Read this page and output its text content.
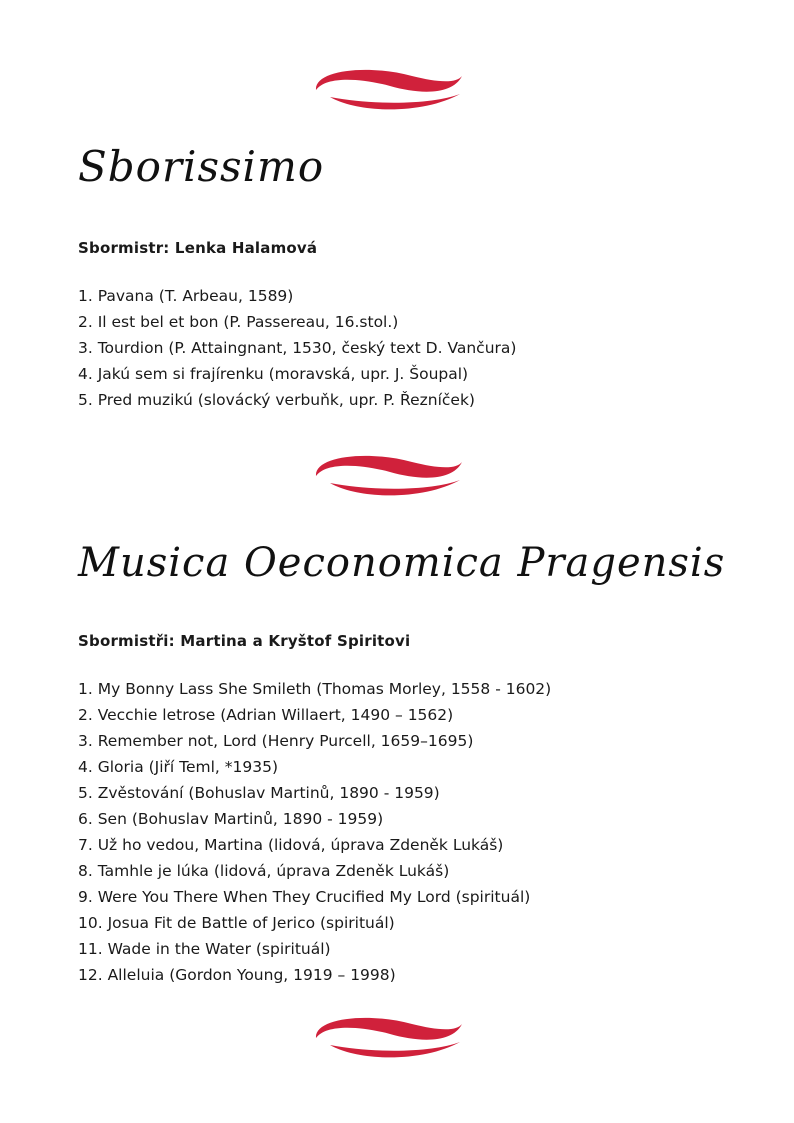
Sborissimo

Sbormistr: Lenka Halamová

1. Pavana (T. Arbeau, 1589)
2. Il est bel et bon (P. Passereau, 16.stol.)
3. Tourdion (P. Attaingnant, 1530, český text D. Vančura)
4. Jakú sem si frajírenku (moravská, upr. J. Šoupal)
5. Pred muzikú (slovácký verbuňk, upr. P. Řezníček)
Musica Oeconomica Pragensis

Sbormistři: Martina a Kryštof Spiritovi

1. My Bonny Lass She Smileth (Thomas Morley, 1558 - 1602)
2. Vecchie letrose (Adrian Willaert, 1490 – 1562)
3. Remember not, Lord (Henry Purcell, 1659–1695)
4. Gloria (Jiří Teml, *1935)
5. Zvěstování (Bohuslav Martinů, 1890 - 1959)
6. Sen (Bohuslav Martinů, 1890 - 1959)
7. Už ho vedou, Martina (lidová, úprava Zdeněk Lukáš)
8. Tamhle je lúka (lidová, úprava Zdeněk Lukáš)
9. Were You There When They Crucified My Lord (spirituál)
10. Josua Fit de Battle of Jerico (spirituál)
11. Wade in the Water (spirituál)
12. Alleluia (Gordon Young, 1919 – 1998)
